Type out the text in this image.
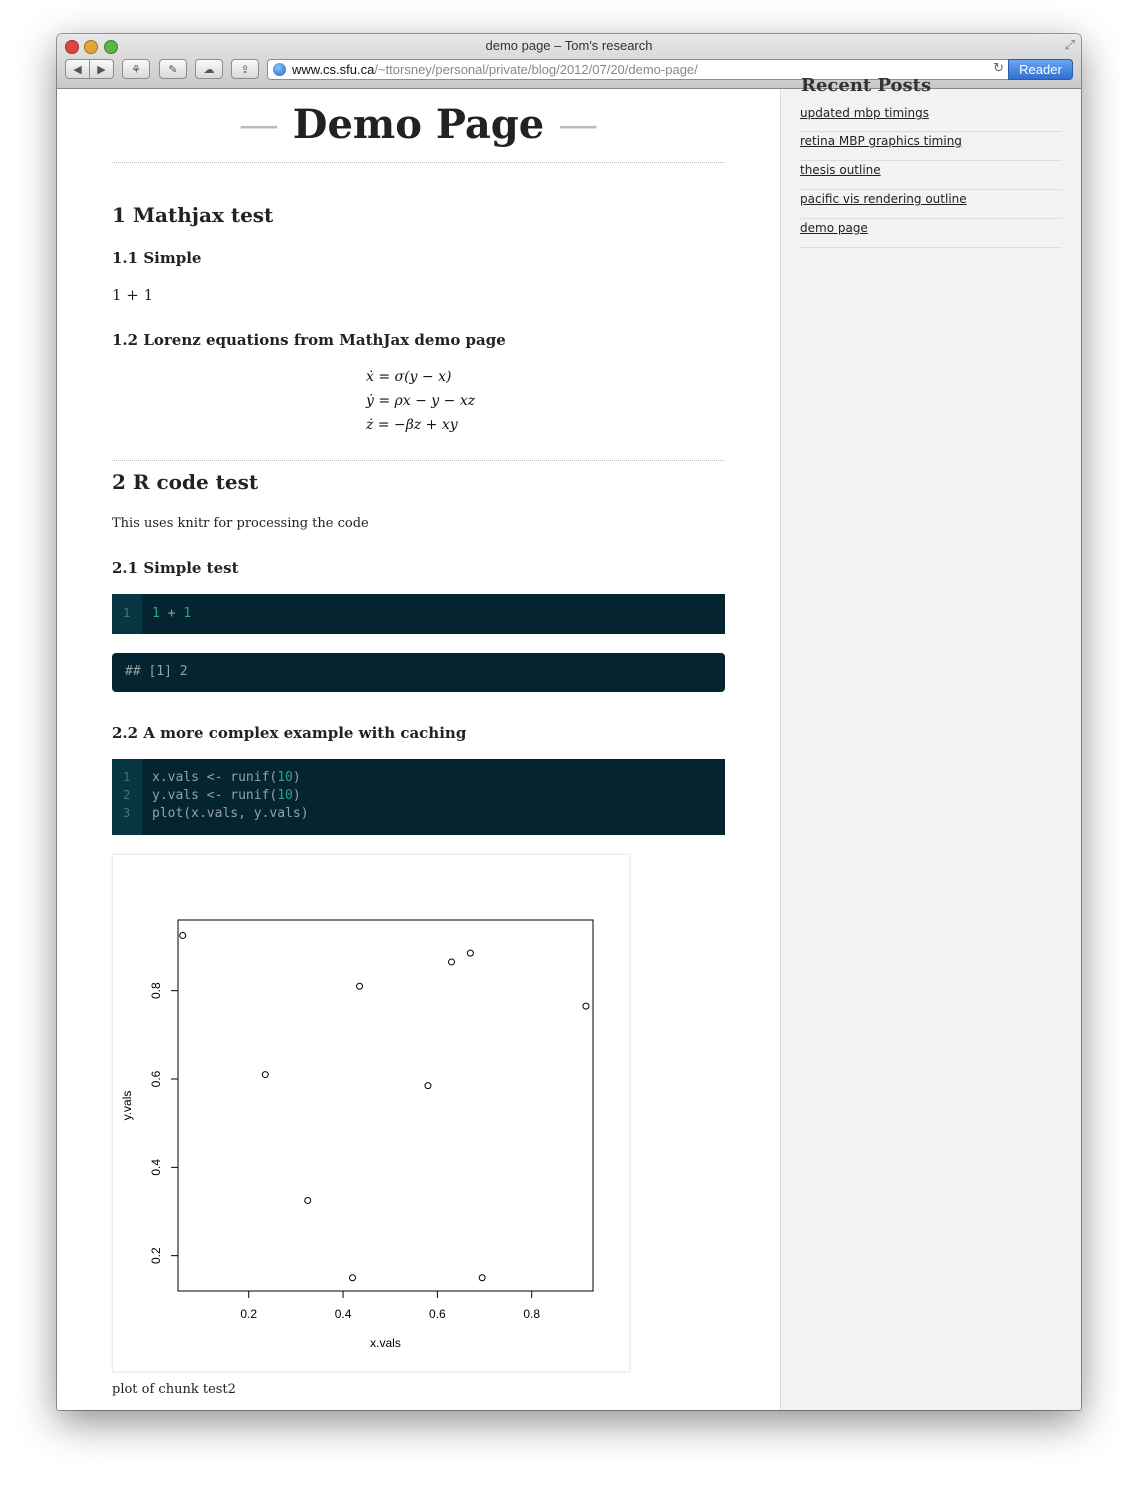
demo page – Tom's research	⤢
◀ ▶ ⚘ ✎ ☁ ⇪	www.cs.sfu.ca /~ttorsney/personal/private/blog/2012/07/20/demo-page/	↻	Reader
— Demo Page —
1 Mathjax test
1.1 Simple
1 + 1
1.2 Lorenz equations from MathJax demo page
ẋ = σ(y − x)
ẏ = ρx − y − xz
ż = −βz + xy
2 R code test
This uses knitr for processing the code
2.1 Simple test
1 1 + 1
## [1] 2
2.2 A more complex example with caching
1 x.vals <- runif(10)
2 y.vals <- runif(10)
3 plot(x.vals, y.vals)
0.2	0.4	0.6	0.8
0.2
0.4
0.6
0.8
x.vals
y.vals
plot of chunk test2
Recent Posts
updated mbp timings
retina MBP graphics timing
thesis outline
pacific vis rendering outline
demo page
